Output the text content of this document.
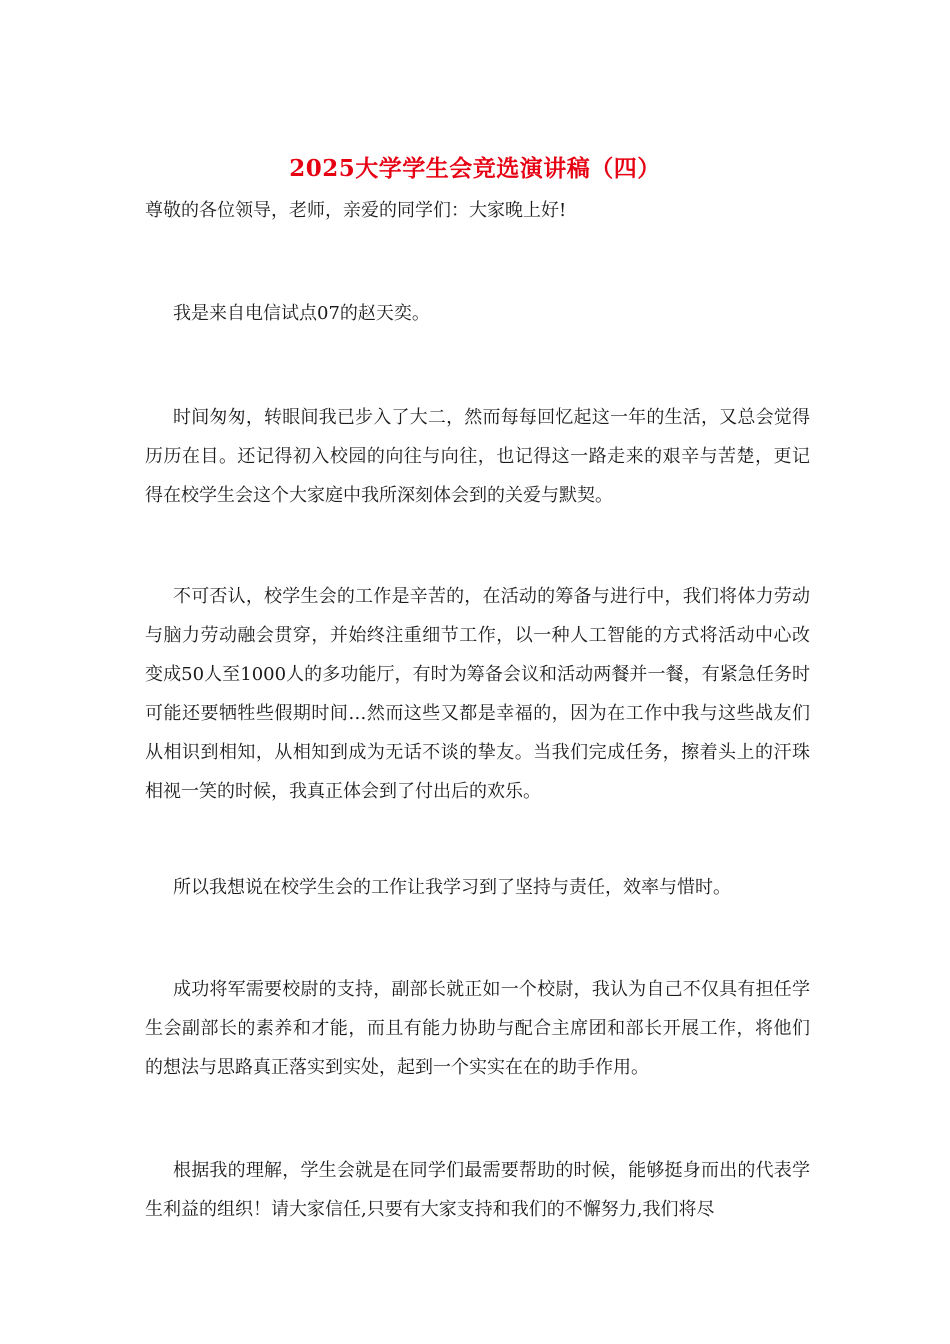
2025大学学生会竞选演讲稿（四）

尊敬的各位领导，老师，亲爱的同学们：大家晚上好!

我是来自电信试点07的赵天奕。

时间匆匆，转眼间我已步入了大二，然而每每回忆起这一年的生活，又总会觉得历历在目。还记得初入校园的向往与向往，也记得这一路走来的艰辛与苦楚，更记得在校学生会这个大家庭中我所深刻体会到的关爱与默契。

不可否认，校学生会的工作是辛苦的，在活动的筹备与进行中，我们将体力劳动与脑力劳动融会贯穿，并始终注重细节工作，以一种人工智能的方式将活动中心改变成50人至1000人的多功能厅，有时为筹备会议和活动两餐并一餐，有紧急任务时可能还要牺牲些假期时间…然而这些又都是幸福的，因为在工作中我与这些战友们从相识到相知，从相知到成为无话不谈的挚友。当我们完成任务，擦着头上的汗珠相视一笑的时候，我真正体会到了付出后的欢乐。

所以我想说在校学生会的工作让我学习到了坚持与责任，效率与惜时。

成功将军需要校尉的支持，副部长就正如一个校尉，我认为自己不仅具有担任学生会副部长的素养和才能，而且有能力协助与配合主席团和部长开展工作，将他们的想法与思路真正落实到实处，起到一个实实在在的助手作用。

根据我的理解，学生会就是在同学们最需要帮助的时候，能够挺身而出的代表学生利益的组织！请大家信任,只要有大家支持和我们的不懈努力,我们将尽
